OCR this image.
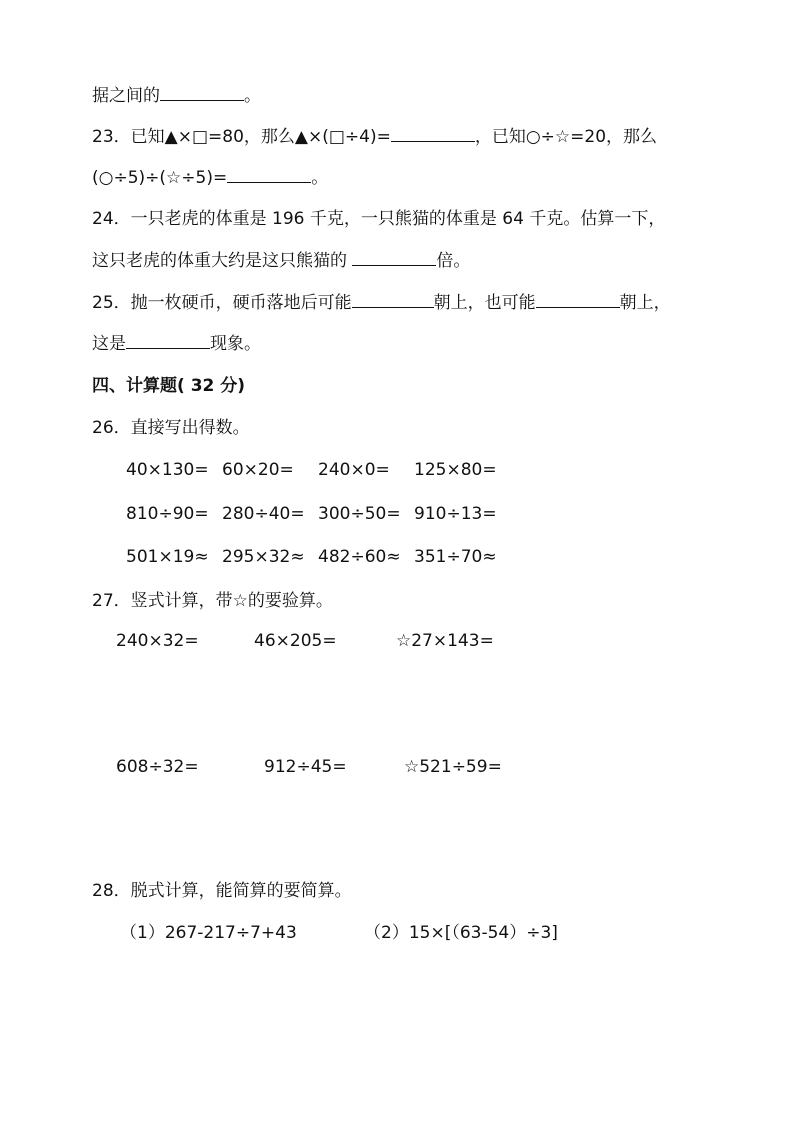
据之间的	。
23．已知▲×□=80，那么▲×(□÷4)=	，已知○÷☆=20，那么
(○÷5)÷(☆÷5)=	。
24．一只老虎的体重是 196 千克，一只熊猫的体重是 64 千克。估算一下，
这只老虎的体重大约是这只熊猫的	倍。
25．抛一枚硬币，硬币落地后可能	朝上，也可能	朝上，
这是	现象。
四、计算题( 32 分)
26．直接写出得数。
40×130= 60×20= 240×0= 125×80=
810÷90= 280÷40= 300÷50= 910÷13=
501×19≈ 295×32≈ 482÷60≈ 351÷70≈
27．竖式计算，带☆的要验算。
240×32=	46×205=	☆27×143=
608÷32=	912÷45=	☆521÷59=
28．脱式计算，能简算的要简算。
（1）267-217÷7+43	（2）15×[（63-54）÷3]
